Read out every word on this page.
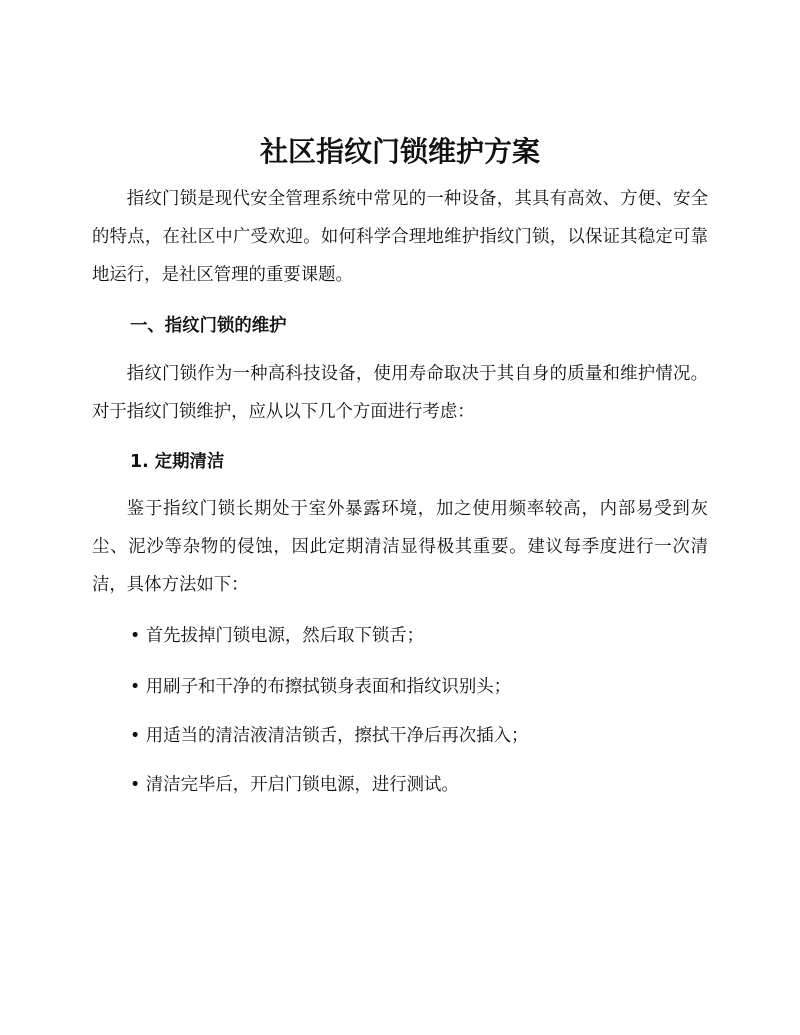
社区指纹门锁维护方案

指纹门锁是现代安全管理系统中常见的一种设备，其具有高效、方便、安全的特点，在社区中广受欢迎。如何科学合理地维护指纹门锁，以保证其稳定可靠地运行，是社区管理的重要课题。

一、指纹门锁的维护

指纹门锁作为一种高科技设备，使用寿命取决于其自身的质量和维护情况。对于指纹门锁维护，应从以下几个方面进行考虑：

1. 定期清洁

鉴于指纹门锁长期处于室外暴露环境，加之使用频率较高，内部易受到灰尘、泥沙等杂物的侵蚀，因此定期清洁显得极其重要。建议每季度进行一次清洁，具体方法如下：

• 首先拔掉门锁电源，然后取下锁舌；

• 用刷子和干净的布擦拭锁身表面和指纹识别头；

• 用适当的清洁液清洁锁舌，擦拭干净后再次插入；

• 清洁完毕后，开启门锁电源，进行测试。
